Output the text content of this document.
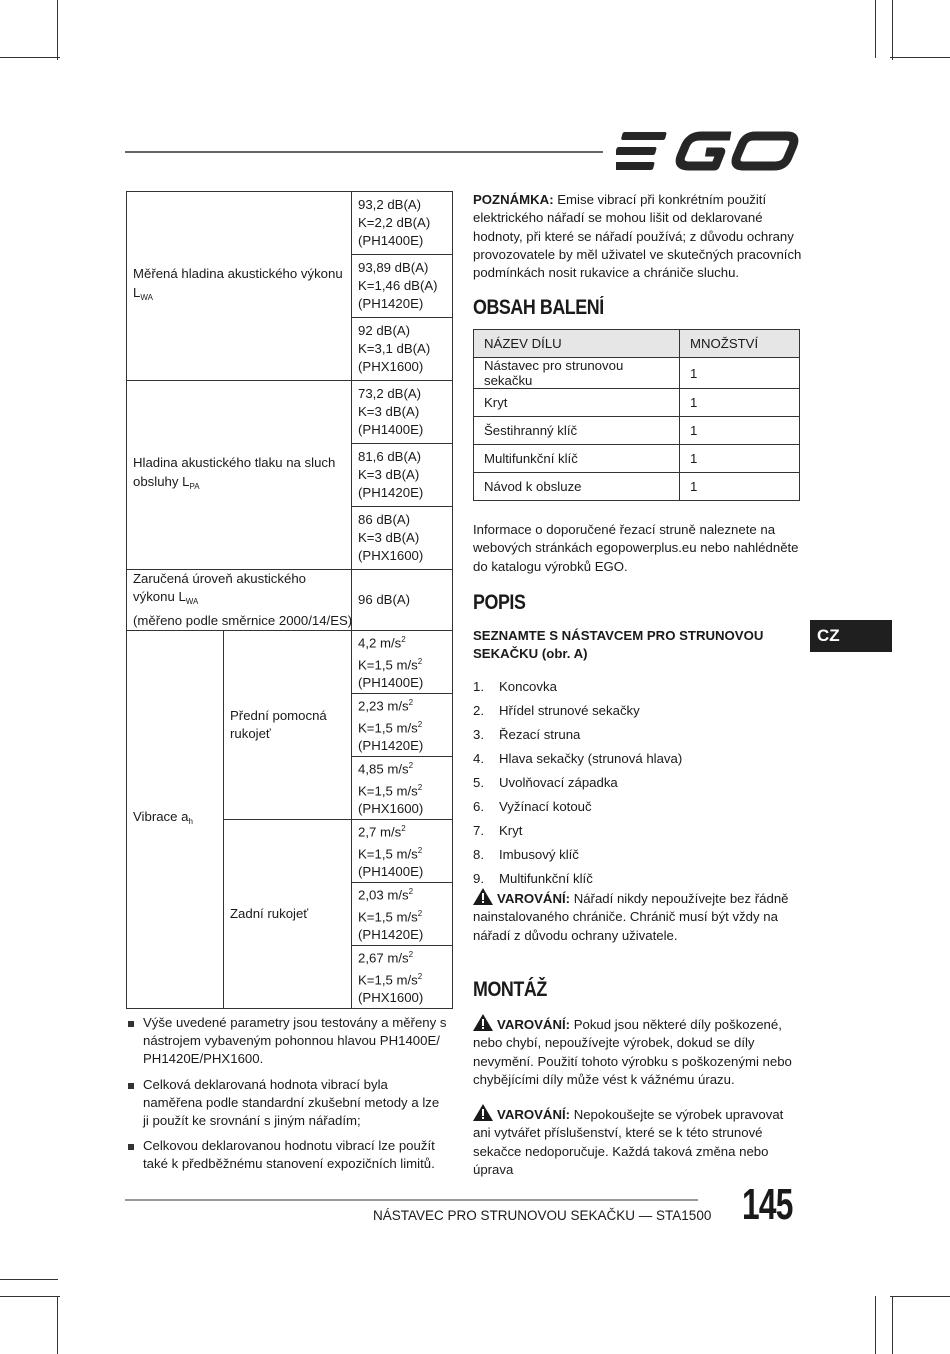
Měřená hladina akustického výkonu $L_{WA}$		93,2 dB(A)
K=2,2 dB(A)
(PH1400E)

		93,89 dB(A)
K=1,46 dB(A)
(PH1420E)

		92 dB(A)
K=3,1 dB(A)
(PHX1600)

Hladina akustického tlaku na sluch
obsluhy $L_{PA}$		73,2 dB(A)
K=3 dB(A)
(PH1400E)

		81,6 dB(A)
K=3 dB(A)
(PH1420E)

		86 dB(A)
K=3 dB(A)
(PHX1600)

Zaručená úroveň akustického výkonu $L_{WA}$
(měřeno podle směrnice 2000/14/ES)		96 dB(A)
Vibrace $a_h$	Přední pomocná rukojeť	4,2 $m/s^2$
K=1,5 $m/s^2$
(PH1400E)

		2,23 $m/s^2$
K=1,5 $m/s^2$
(PH1420E)

		4,85 $m/s^2$
K=1,5 $m/s^2$
(PHX1600)

	Zadní rukojeť	2,7 $m/s^2$
K=1,5 $m/s^2$
(PH1400E)

		2,03 $m/s^2$
K=1,5 $m/s^2$
(PH1420E)

		2,67 $m/s^2$
K=1,5 $m/s^2$
(PHX1600)
Výše uvedené parametry jsou testovány a měřeny s nástrojem vybaveným pohonnou hlavou PH1400E/ PH1420E/PHX1600.
Celková deklarovaná hodnota vibrací byla naměřena podle standardní zkušební metody a lze ji použít ke srovnání s jiným nářadím;
Celkovou deklarovanou hodnotu vibrací lze použít také k předběžnému stanovení expozičních limitů.

POZNÁMKA: Emise vibrací při konkrétním použití elektrického nářadí se mohou lišit od deklarované hodnoty, při které se nářadí používá; z důvodu ochrany provozovatele by měl uživatel ve skutečných pracovních podmínkách nosit rukavice a chrániče sluchu.

OBSAH BALENÍ
NÁZEV DÍLU	MNOŽSTVÍ
Nástavec pro strunovou sekačku	1
Kryt	1
Šestihranný klíč	1
Multifunkční klíč	1
Návod k obsluze	1

Informace o doporučené řezací struně naleznete na webových stránkách egopowerplus.eu nebo nahlédněte do katalogu výrobků EGO.

POPIS

SEZNAMTE S NÁSTAVCEM PRO STRUNOVOU SEKAČKU (obr. A)

1. Koncovka
2. Hřídel strunové sekačky
3. Řezací struna
4. Hlava sekačky (strunová hlava)
5. Uvolňovací západka
6. Vyžínací kotouč
7. Kryt
8. Imbusový klíč
9. Multifunkční klíč

VAROVÁNÍ: Nářadí nikdy nepoužívejte bez řádně nainstalovaného chrániče. Chránič musí být vždy na nářadí z důvodu ochrany uživatele.

MONTÁŽ

VAROVÁNÍ: Pokud jsou některé díly poškozené, nebo chybí, nepoužívejte výrobek, dokud se díly nevymění. Použití tohoto výrobku s poškozenými nebo chybějícími díly může vést k vážnému úrazu.

VAROVÁNÍ: Nepokoušejte se výrobek upravovat ani vytvářet příslušenství, které se k této strunové sekačce nedoporučuje. Každá taková změna nebo úprava

CZ
NÁSTAVEC PRO STRUNOVOU SEKAČKU — STA1500 145
